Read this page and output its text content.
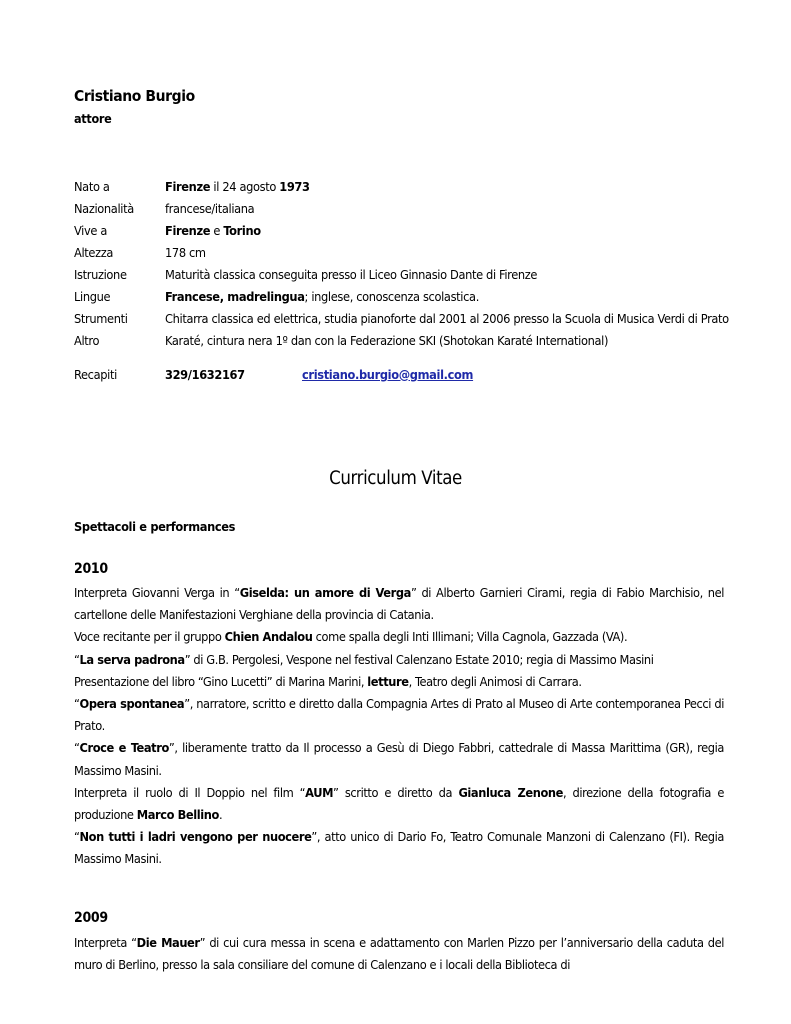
Cristiano Burgio
attore
Nato a	Firenze il 24 agosto 1973
Nazionalità	francese/italiana
Vive a	Firenze e Torino
Altezza	178 cm
Istruzione	Maturità classica conseguita presso il Liceo Ginnasio Dante di Firenze
Lingue	Francese, madrelingua; inglese, conoscenza scolastica.
Strumenti	Chitarra classica ed elettrica, studia pianoforte dal 2001 al 2006 presso la Scuola di Musica Verdi di Prato
Altro	Karaté, cintura nera 1º dan con la Federazione SKI (Shotokan Karaté International)
Recapiti	329/1632167	cristiano.burgio@gmail.com
Curriculum Vitae
Spettacoli e performances
2010

Interpreta Giovanni Verga in “Giselda: un amore di Verga” di Alberto Garnieri Cirami, regia di Fabio Marchisio, nel cartellone delle Manifestazioni Verghiane della provincia di Catania.

Voce recitante per il gruppo Chien Andalou come spalla degli Inti Illimani; Villa Cagnola, Gazzada (VA).

“La serva padrona” di G.B. Pergolesi, Vespone nel festival Calenzano Estate 2010; regia di Massimo Masini

Presentazione del libro “Gino Lucetti” di Marina Marini, letture, Teatro degli Animosi di Carrara.

“Opera spontanea”, narratore, scritto e diretto dalla Compagnia Artes di Prato al Museo di Arte contemporanea Pecci di Prato.

“Croce e Teatro”, liberamente tratto da Il processo a Gesù di Diego Fabbri, cattedrale di Massa Marittima (GR), regia Massimo Masini.

Interpreta il ruolo di Il Doppio nel film “AUM” scritto e diretto da Gianluca Zenone, direzione della fotografia e produzione Marco Bellino.

“Non tutti i ladri vengono per nuocere”, atto unico di Dario Fo, Teatro Comunale Manzoni di Calenzano (FI). Regia Massimo Masini.

2009

Interpreta “Die Mauer” di cui cura messa in scena e adattamento con Marlen Pizzo per l’anniversario della caduta del muro di Berlino, presso la sala consiliare del comune di Calenzano e i locali della Biblioteca di
